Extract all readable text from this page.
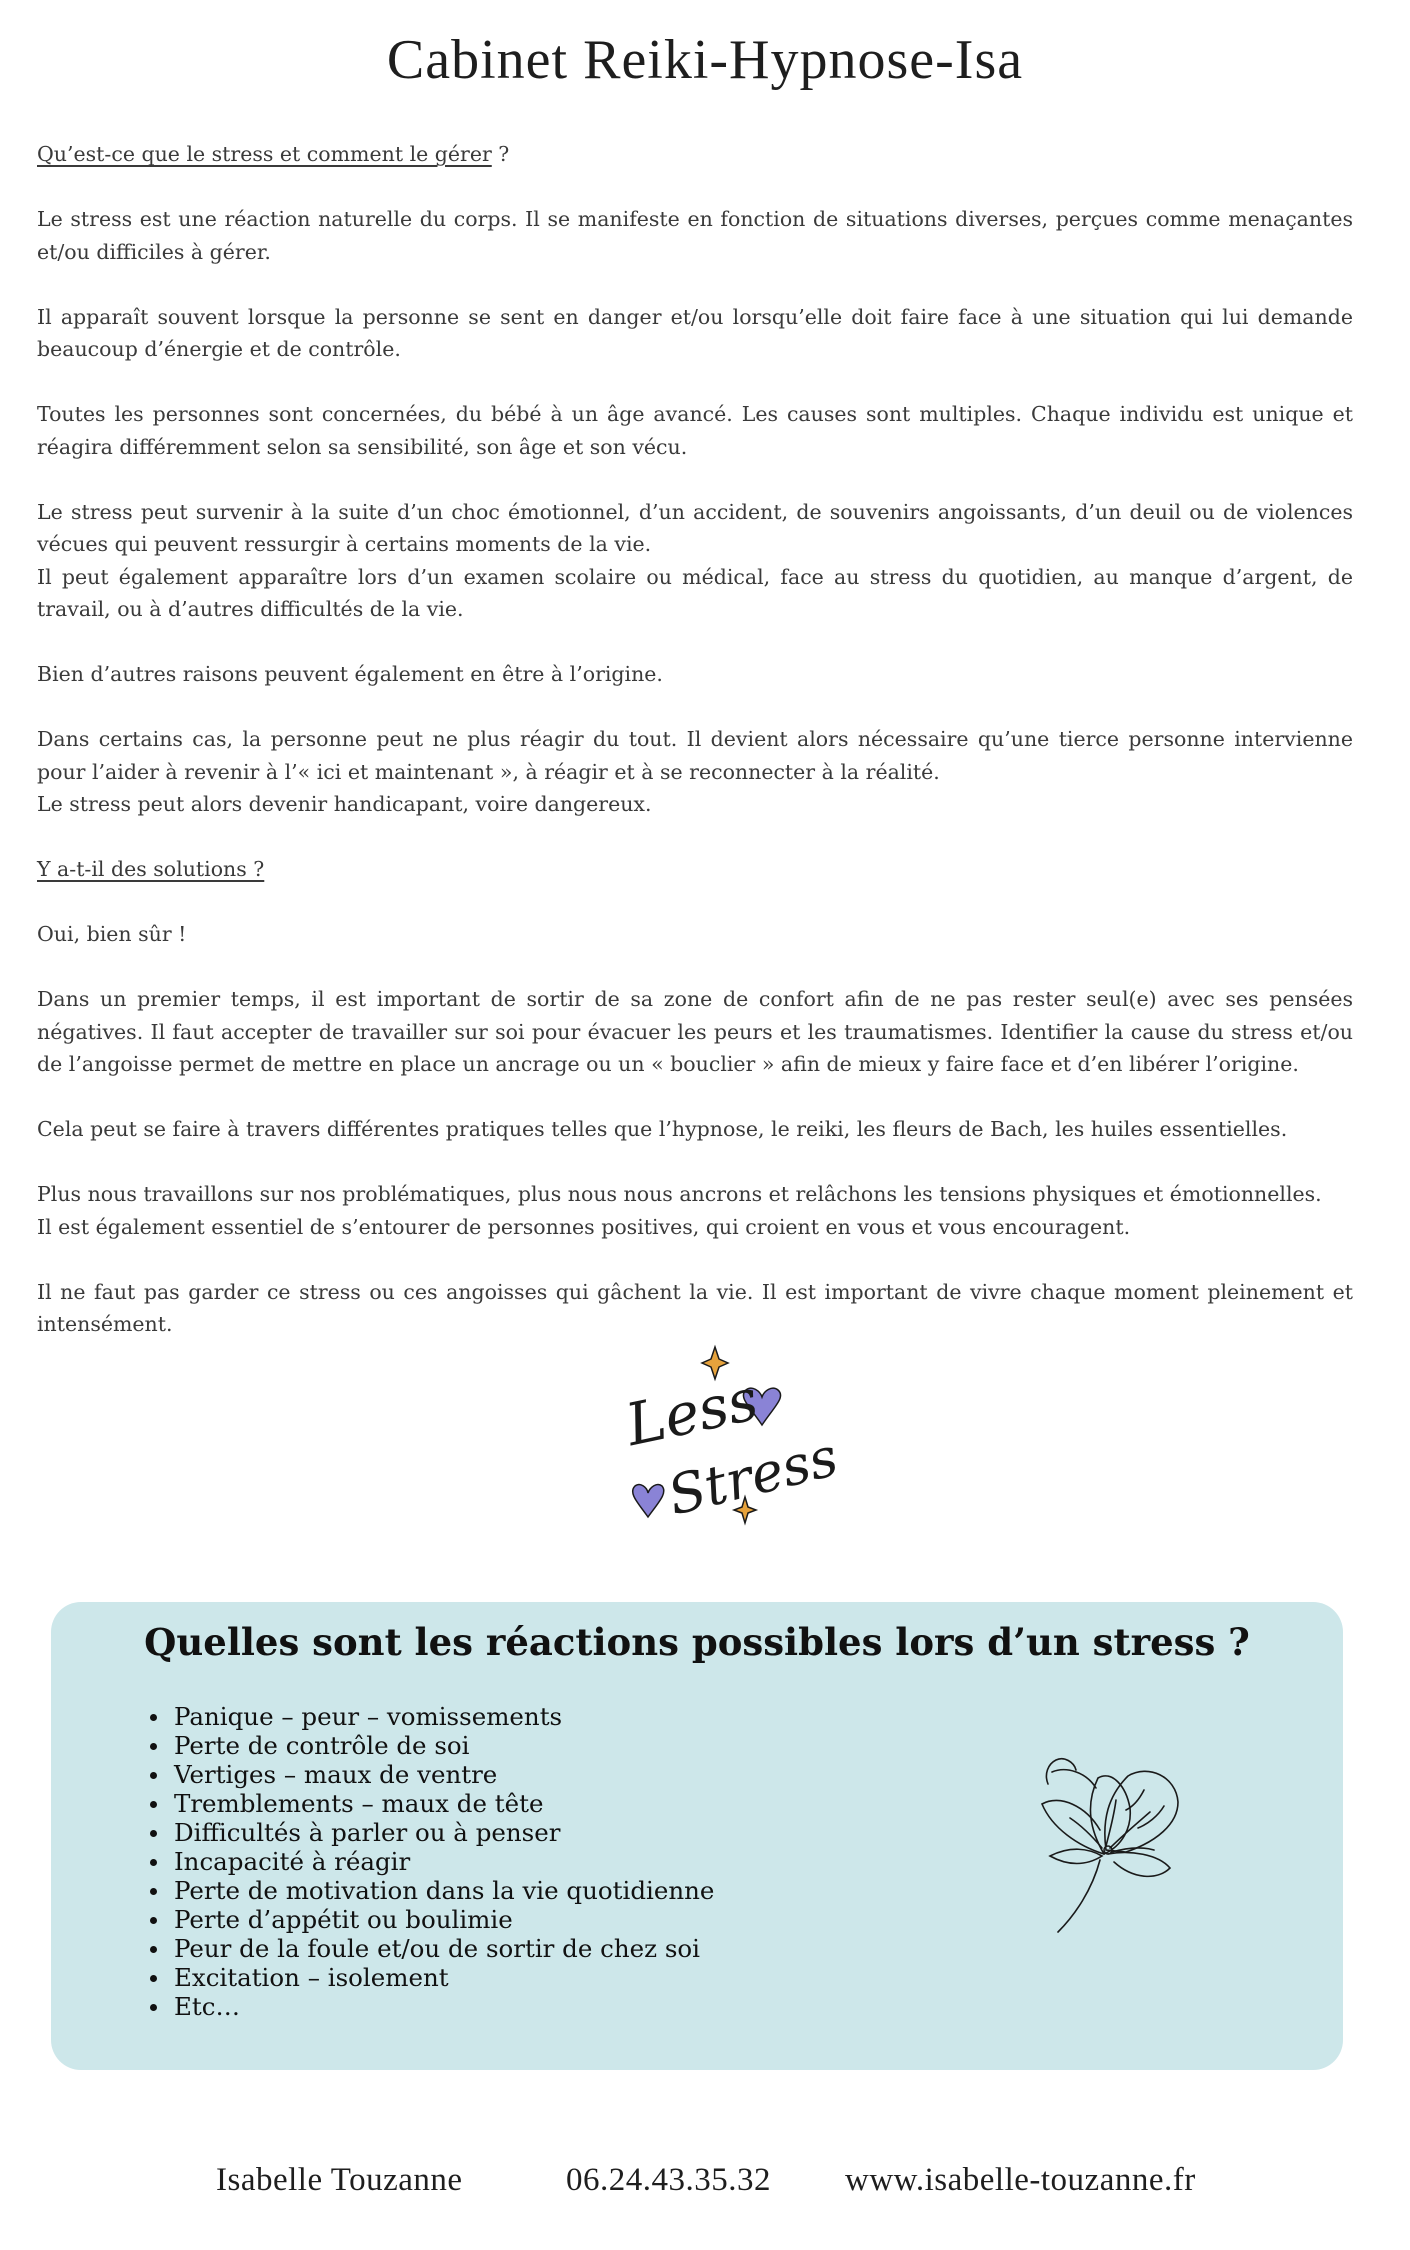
Cabinet Reiki-Hypnose-Isa

Qu’est-ce que le stress et comment le gérer ?

Le stress est une réaction naturelle du corps. Il se manifeste en fonction de situations diverses, perçues comme menaçantes et/ou difficiles à gérer.

Il apparaît souvent lorsque la personne se sent en danger et/ou lorsqu’elle doit faire face à une situation qui lui demande beaucoup d’énergie et de contrôle.

Toutes les personnes sont concernées, du bébé à un âge avancé. Les causes sont multiples. Chaque individu est unique et réagira différemment selon sa sensibilité, son âge et son vécu.

Le stress peut survenir à la suite d’un choc émotionnel, d’un accident, de souvenirs angoissants, d’un deuil ou de violences vécues qui peuvent ressurgir à certains moments de la vie.

Il peut également apparaître lors d’un examen scolaire ou médical, face au stress du quotidien, au manque d’argent, de travail, ou à d’autres difficultés de la vie.

Bien d’autres raisons peuvent également en être à l’origine.

Dans certains cas, la personne peut ne plus réagir du tout. Il devient alors nécessaire qu’une tierce personne intervienne pour l’aider à revenir à l’« ici et maintenant », à réagir et à se reconnecter à la réalité.

Le stress peut alors devenir handicapant, voire dangereux.

Y a-t-il des solutions ?

Oui, bien sûr !

Dans un premier temps, il est important de sortir de sa zone de confort afin de ne pas rester seul(e) avec ses pensées négatives. Il faut accepter de travailler sur soi pour évacuer les peurs et les traumatismes. Identifier la cause du stress et/ou de l’angoisse permet de mettre en place un ancrage ou un « bouclier » afin de mieux y faire face et d’en libérer l’origine.

Cela peut se faire à travers différentes pratiques telles que l’hypnose, le reiki, les fleurs de Bach, les huiles essentielles.

Plus nous travaillons sur nos problématiques, plus nous nous ancrons et relâchons les tensions physiques et émotionnelles.

Il est également essentiel de s’entourer de personnes positives, qui croient en vous et vous encouragent.

Il ne faut pas garder ce stress ou ces angoisses qui gâchent la vie. Il est important de vivre chaque moment pleinement et intensément.

Less
Stress
Quelles sont les réactions possibles lors d’un stress ?
Panique – peur – vomissements
Perte de contrôle de soi
Vertiges – maux de ventre
Tremblements – maux de tête
Difficultés à parler ou à penser
Incapacité à réagir
Perte de motivation dans la vie quotidienne
Perte d’appétit ou boulimie
Peur de la foule et/ou de sortir de chez soi
Excitation – isolement
Etc…
Isabelle Touzanne	06.24.43.35.32 www.isabelle-touzanne.fr
